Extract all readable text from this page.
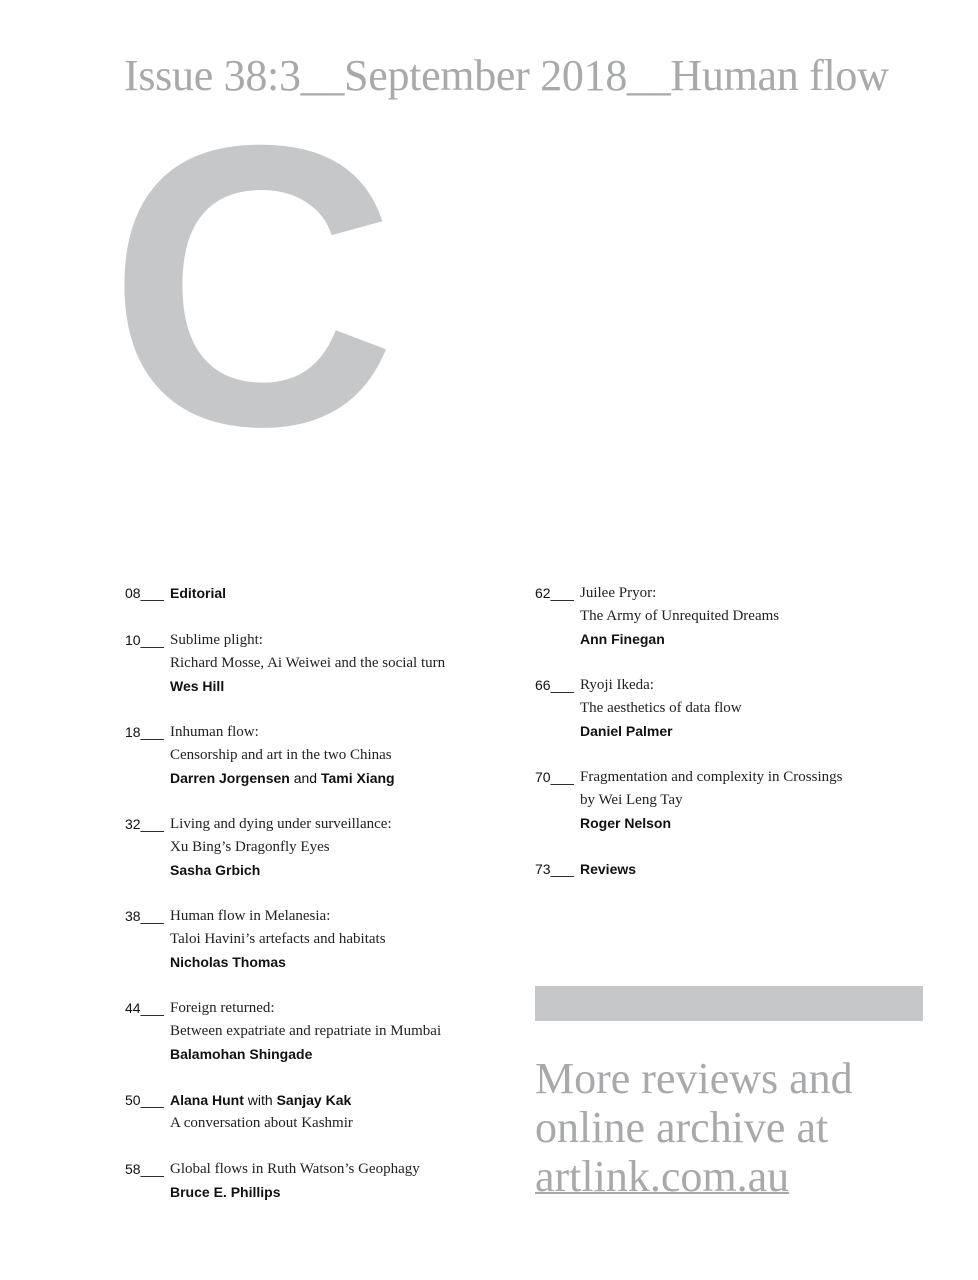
Issue 38:3__September 2018__Human flow
C
08___ Editorial
10___ Sublime plight:
Richard Mosse, Ai Weiwei and the social turn
Wes Hill
18___ Inhuman flow:
Censorship and art in the two Chinas
Darren Jorgensen and Tami Xiang
32___ Living and dying under surveillance:
Xu Bing’s Dragonfly Eyes
Sasha Grbich
38___ Human flow in Melanesia:
Taloi Havini’s artefacts and habitats
Nicholas Thomas
44___ Foreign returned:
Between expatriate and repatriate in Mumbai
Balamohan Shingade
50___ Alana Hunt with Sanjay Kak
A conversation about Kashmir
58___ Global flows in Ruth Watson’s Geophagy
Bruce E. Phillips
62___ Juilee Pryor:
The Army of Unrequited Dreams
Ann Finegan
66___ Ryoji Ikeda:
The aesthetics of data flow
Daniel Palmer
70___ Fragmentation and complexity in Crossings
by Wei Leng Tay
Roger Nelson
73___ Reviews
More reviews and
online archive at
artlink.com.au
